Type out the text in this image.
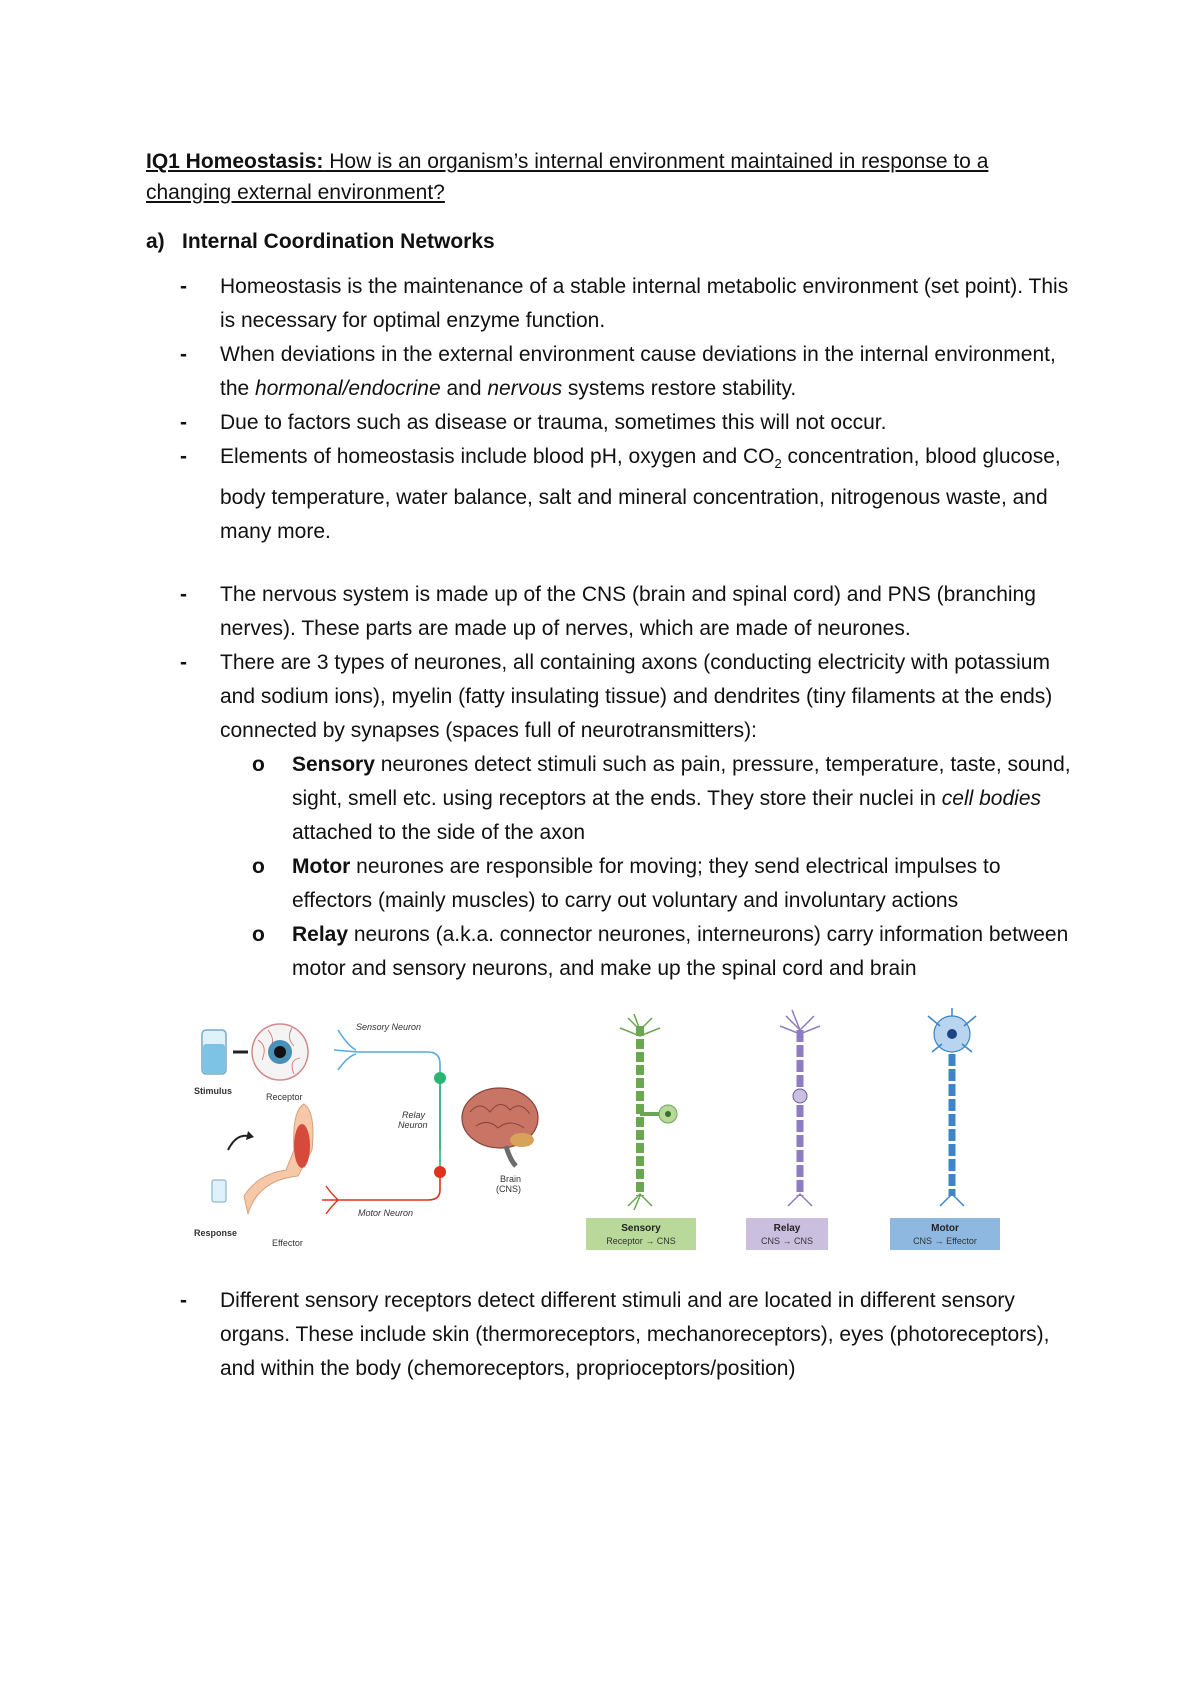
IQ1 Homeostasis: How is an organism’s internal environment maintained in response to a changing external environment?
a) Internal Coordination Networks
- Homeostasis is the maintenance of a stable internal metabolic environment (set point). This is necessary for optimal enzyme function.
- When deviations in the external environment cause deviations in the internal environment, the hormonal/endocrine and nervous systems restore stability.
- Due to factors such as disease or trauma, sometimes this will not occur.
- Elements of homeostasis include blood pH, oxygen and $CO_2$ concentration, blood glucose, body temperature, water balance, salt and mineral concentration, nitrogenous waste, and many more.
- The nervous system is made up of the CNS (brain and spinal cord) and PNS (branching nerves). These parts are made up of nerves, which are made of neurones.
- There are 3 types of neurones, all containing axons (conducting electricity with potassium and sodium ions), myelin (fatty insulating tissue) and dendrites (tiny filaments at the ends) connected by synapses (spaces full of neurotransmitters):
o Sensory neurones detect stimuli such as pain, pressure, temperature, taste, sound, sight, smell etc. using receptors at the ends. They store their nuclei in cell bodies attached to the side of the axon
o Motor neurones are responsible for moving; they send electrical impulses to effectors (mainly muscles) to carry out voluntary and involuntary actions
o Relay neurons (a.k.a. connector neurones, interneurons) carry information between motor and sensory neurons, and make up the spinal cord and brain
Stimulus
Receptor
Sensory Neuron
Relay
Neuron
Motor Neuron
Brain
(CNS)
Response
Effector
Sensory
Receptor → CNS
Relay
CNS → CNS
Motor
CNS → Effector
- Different sensory receptors detect different stimuli and are located in different sensory organs. These include skin (thermoreceptors, mechanoreceptors), eyes (photoreceptors), and within the body (chemoreceptors, proprioceptors/position)
